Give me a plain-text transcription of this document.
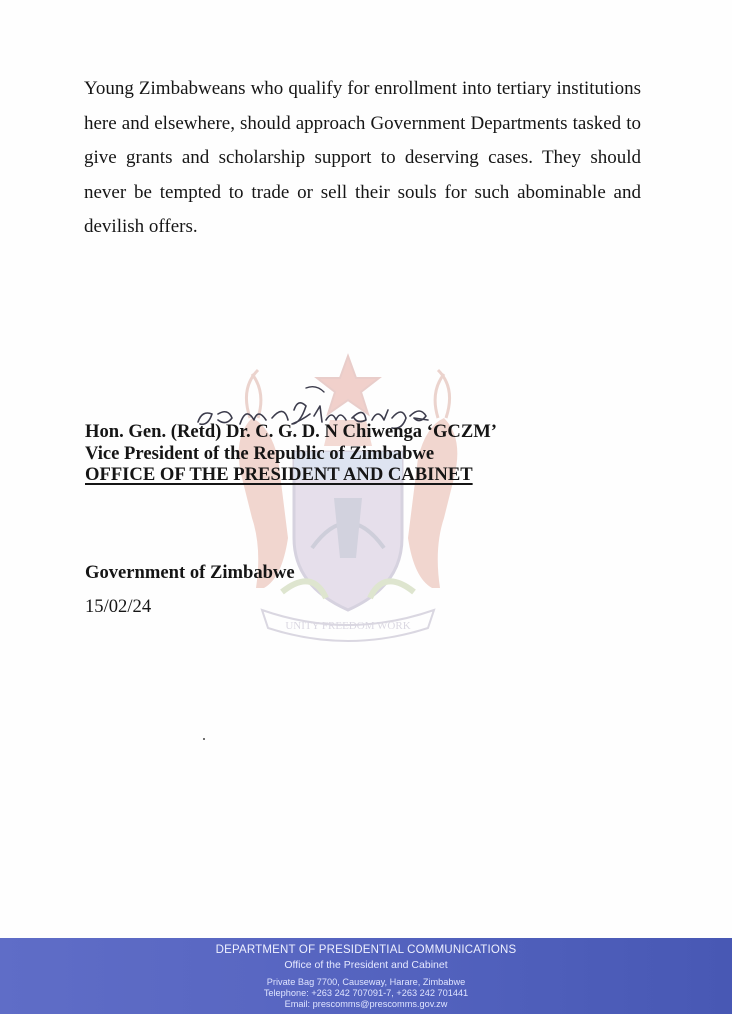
Young Zimbabweans who qualify for enrollment into tertiary institutions here and elsewhere, should approach Government Departments tasked to give grants and scholarship support to deserving cases. They should never be tempted to trade or sell their souls for such abominable and devilish offers.

UNITY FREEDOM WORK
Hon. Gen. (Retd) Dr. C. G. D. N Chiwenga ‘GCZM’
Vice President of the Republic of Zimbabwe
OFFICE OF THE PRESIDENT AND CABINET
Government of Zimbabwe
15/02/24
DEPARTMENT OF PRESIDENTIAL COMMUNICATIONS
Office of the President and Cabinet
Private Bag 7700, Causeway, Harare, Zimbabwe
Telephone: +263 242 707091-7, +263 242 701441
Email: prescomms@prescomms.gov.zw
